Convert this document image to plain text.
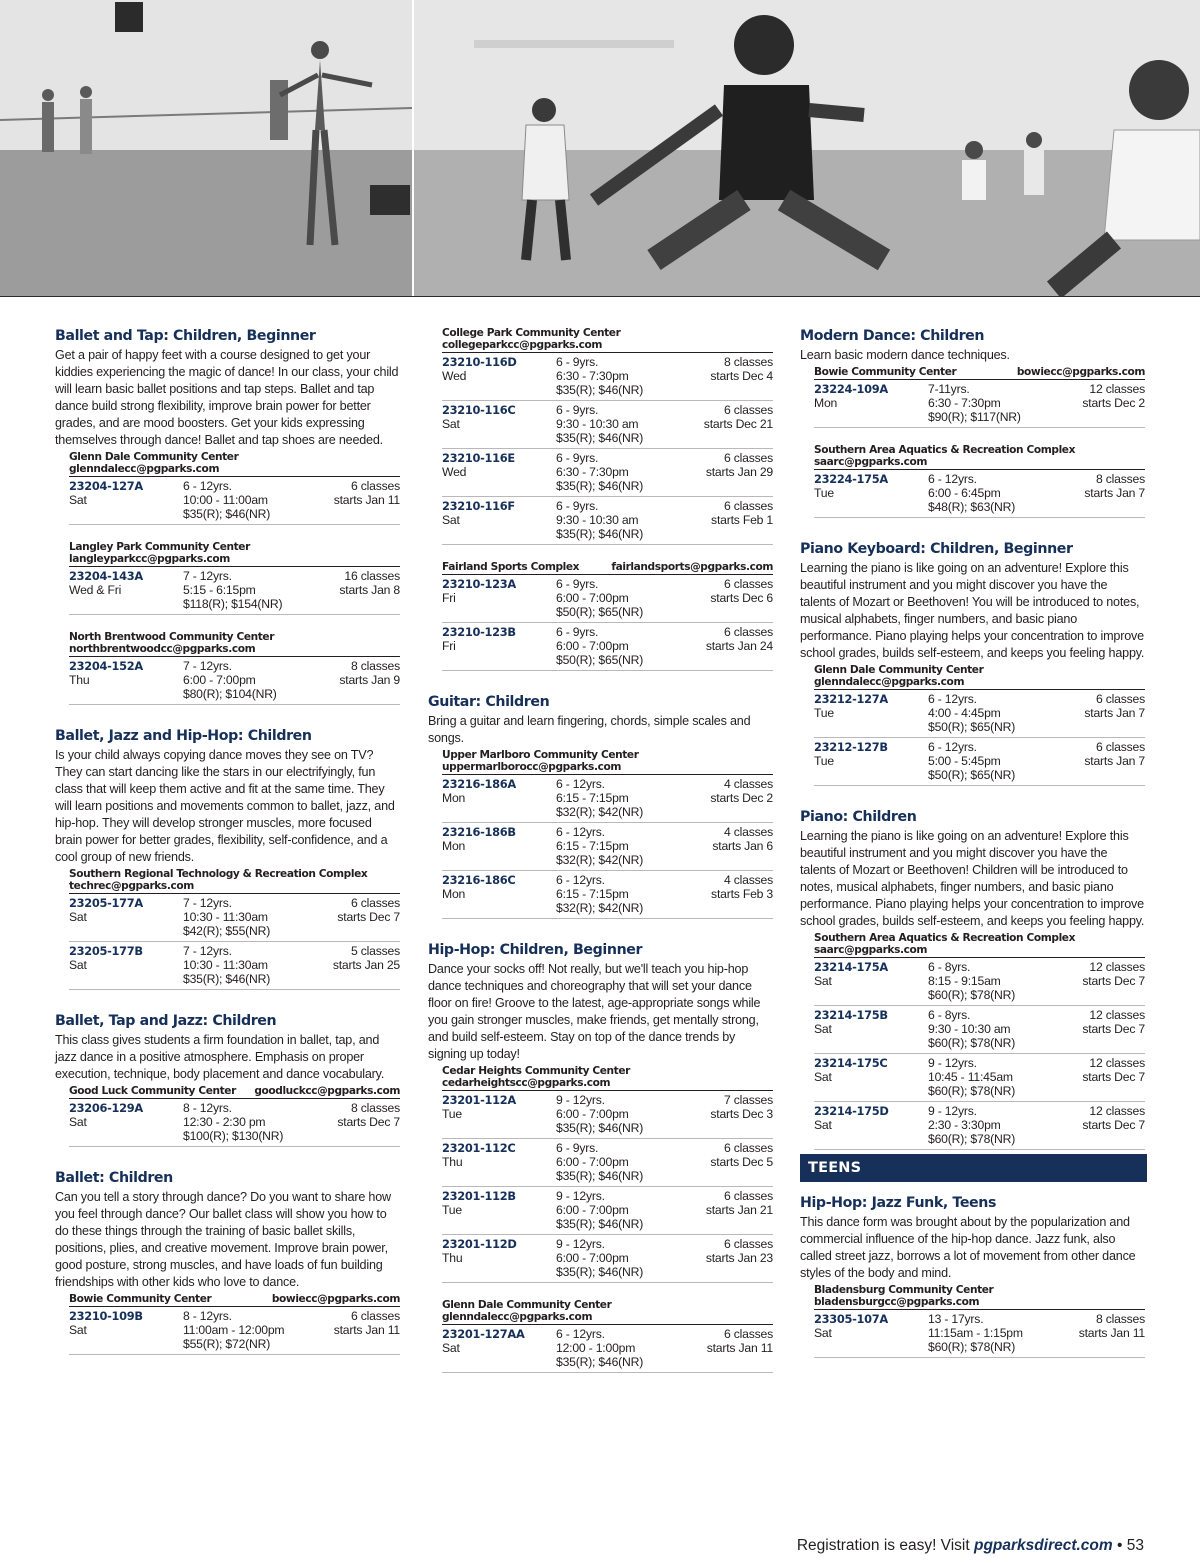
Ballet and Tap: Children, Beginner
Get a pair of happy feet with a course designed to get your kiddies experiencing the magic of dance! In our class, your child will learn basic ballet positions and tap steps. Ballet and tap dance build strong flexibility, improve brain power for better grades, and are mood boosters. Get your kids expressing themselves through dance! Ballet and tap shoes are needed.
Glenn Dale Community Center
glenndalecc@pgparks.com
23204-127A	6 - 12yrs.	6 classes
Sat	10:00 - 11:00am	starts Jan 11
$35(R); $46(NR)
Langley Park Community Center
langleyparkcc@pgparks.com
23204-143A	7 - 12yrs.	16 classes
Wed & Fri	5:15 - 6:15pm	starts Jan 8
$118(R); $154(NR)
North Brentwood Community Center
northbrentwoodcc@pgparks.com
23204-152A	7 - 12yrs.	8 classes
Thu	6:00 - 7:00pm	starts Jan 9
$80(R); $104(NR)
Ballet, Jazz and Hip-Hop: Children
Is your child always copying dance moves they see on TV? They can start dancing like the stars in our electrifyingly, fun class that will keep them active and fit at the same time. They will learn positions and movements common to ballet, jazz, and hip-hop. They will develop stronger muscles, more focused brain power for better grades, flexibility, self-confidence, and a cool group of new friends.
Southern Regional Technology & Recreation Complex
techrec@pgparks.com
23205-177A	7 - 12yrs.	6 classes
Sat	10:30 - 11:30am	starts Dec 7
$42(R); $55(NR)
23205-177B	7 - 12yrs.	5 classes
Sat	10:30 - 11:30am	starts Jan 25
$35(R); $46(NR)
Ballet, Tap and Jazz: Children
This class gives students a firm foundation in ballet, tap, and jazz dance in a positive atmosphere. Emphasis on proper execution, technique, body placement and dance vocabulary.
Good Luck Community Center goodluckcc@pgparks.com
23206-129A	8 - 12yrs.	8 classes
Sat	12:30 - 2:30 pm	starts Dec 7
$100(R); $130(NR)
Ballet: Children
Can you tell a story through dance? Do you want to share how you feel through dance? Our ballet class will show you how to do these things through the training of basic ballet skills, positions, plies, and creative movement. Improve brain power, good posture, strong muscles, and have loads of fun building friendships with other kids who love to dance.
Bowie Community Center	bowiecc@pgparks.com
23210-109B	8 - 12yrs.	6 classes
Sat	11:00am - 12:00pm	starts Jan 11
$55(R); $72(NR)
College Park Community Center
collegeparkcc@pgparks.com
23210-116D	6 - 9yrs.	8 classes
Wed	6:30 - 7:30pm	starts Dec 4
$35(R); $46(NR)
23210-116C	6 - 9yrs.	6 classes
Sat	9:30 - 10:30 am	starts Dec 21
$35(R); $46(NR)
23210-116E	6 - 9yrs.	6 classes
Wed	6:30 - 7:30pm	starts Jan 29
$35(R); $46(NR)
23210-116F	6 - 9yrs.	6 classes
Sat	9:30 - 10:30 am	starts Feb 1
$35(R); $46(NR)
Fairland Sports Complex	fairlandsports@pgparks.com
23210-123A	6 - 9yrs.	6 classes
Fri	6:00 - 7:00pm	starts Dec 6
$50(R); $65(NR)
23210-123B	6 - 9yrs.	6 classes
Fri	6:00 - 7:00pm	starts Jan 24
$50(R); $65(NR)
Guitar: Children
Bring a guitar and learn fingering, chords, simple scales and songs.
Upper Marlboro Community Center
uppermarlborocc@pgparks.com
23216-186A	6 - 12yrs.	4 classes
Mon	6:15 - 7:15pm	starts Dec 2
$32(R); $42(NR)
23216-186B	6 - 12yrs.	4 classes
Mon	6:15 - 7:15pm	starts Jan 6
$32(R); $42(NR)
23216-186C	6 - 12yrs.	4 classes
Mon	6:15 - 7:15pm	starts Feb 3
$32(R); $42(NR)
Hip-Hop: Children, Beginner
Dance your socks off! Not really, but we'll teach you hip-hop dance techniques and choreography that will set your dance floor on fire! Groove to the latest, age-appropriate songs while you gain stronger muscles, make friends, get mentally strong, and build self-esteem. Stay on top of the dance trends by signing up today!
Cedar Heights Community Center
cedarheightscc@pgparks.com
23201-112A	9 - 12yrs.	7 classes
Tue	6:00 - 7:00pm	starts Dec 3
$35(R); $46(NR)
23201-112C	6 - 9yrs.	6 classes
Thu	6:00 - 7:00pm	starts Dec 5
$35(R); $46(NR)
23201-112B	9 - 12yrs.	6 classes
Tue	6:00 - 7:00pm	starts Jan 21
$35(R); $46(NR)
23201-112D	9 - 12yrs.	6 classes
Thu	6:00 - 7:00pm	starts Jan 23
$35(R); $46(NR)
Glenn Dale Community Center
glenndalecc@pgparks.com
23201-127AA	6 - 12yrs.	6 classes
Sat	12:00 - 1:00pm	starts Jan 11
$35(R); $46(NR)
Modern Dance: Children
Learn basic modern dance techniques.
Bowie Community Center	bowiecc@pgparks.com
23224-109A	7-11yrs.	12 classes
Mon	6:30 - 7:30pm	starts Dec 2
$90(R); $117(NR)
Southern Area Aquatics & Recreation Complex
saarc@pgparks.com
23224-175A	6 - 12yrs.	8 classes
Tue	6:00 - 6:45pm	starts Jan 7
$48(R); $63(NR)
Piano Keyboard: Children, Beginner
Learning the piano is like going on an adventure! Explore this beautiful instrument and you might discover you have the talents of Mozart or Beethoven! You will be introduced to notes, musical alphabets, finger numbers, and basic piano performance. Piano playing helps your concentration to improve school grades, builds self-esteem, and keeps you feeling happy.
Glenn Dale Community Center
glenndalecc@pgparks.com
23212-127A	6 - 12yrs.	6 classes
Tue	4:00 - 4:45pm	starts Jan 7
$50(R); $65(NR)
23212-127B	6 - 12yrs.	6 classes
Tue	5:00 - 5:45pm	starts Jan 7
$50(R); $65(NR)
Piano: Children
Learning the piano is like going on an adventure! Explore this beautiful instrument and you might discover you have the talents of Mozart or Beethoven! Children will be introduced to notes, musical alphabets, finger numbers, and basic piano performance. Piano playing helps your concentration to improve school grades, builds self-esteem, and keeps you feeling happy.
Southern Area Aquatics & Recreation Complex
saarc@pgparks.com
23214-175A	6 - 8yrs.	12 classes
Sat	8:15 - 9:15am	starts Dec 7
$60(R); $78(NR)
23214-175B	6 - 8yrs.	12 classes
Sat	9:30 - 10:30 am	starts Dec 7
$60(R); $78(NR)
23214-175C	9 - 12yrs.	12 classes
Sat	10:45 - 11:45am	starts Dec 7
$60(R); $78(NR)
23214-175D	9 - 12yrs.	12 classes
Sat	2:30 - 3:30pm	starts Dec 7
$60(R); $78(NR)
TEENS
Hip-Hop: Jazz Funk, Teens
This dance form was brought about by the popularization and commercial influence of the hip-hop dance. Jazz funk, also called street jazz, borrows a lot of movement from other dance styles of the body and mind.
Bladensburg Community Center
bladensburgcc@pgparks.com
23305-107A	13 - 17yrs.	8 classes
Sat	11:15am - 1:15pm	starts Jan 11
$60(R); $78(NR)
Registration is easy! Visit pgparksdirect.com • 53
